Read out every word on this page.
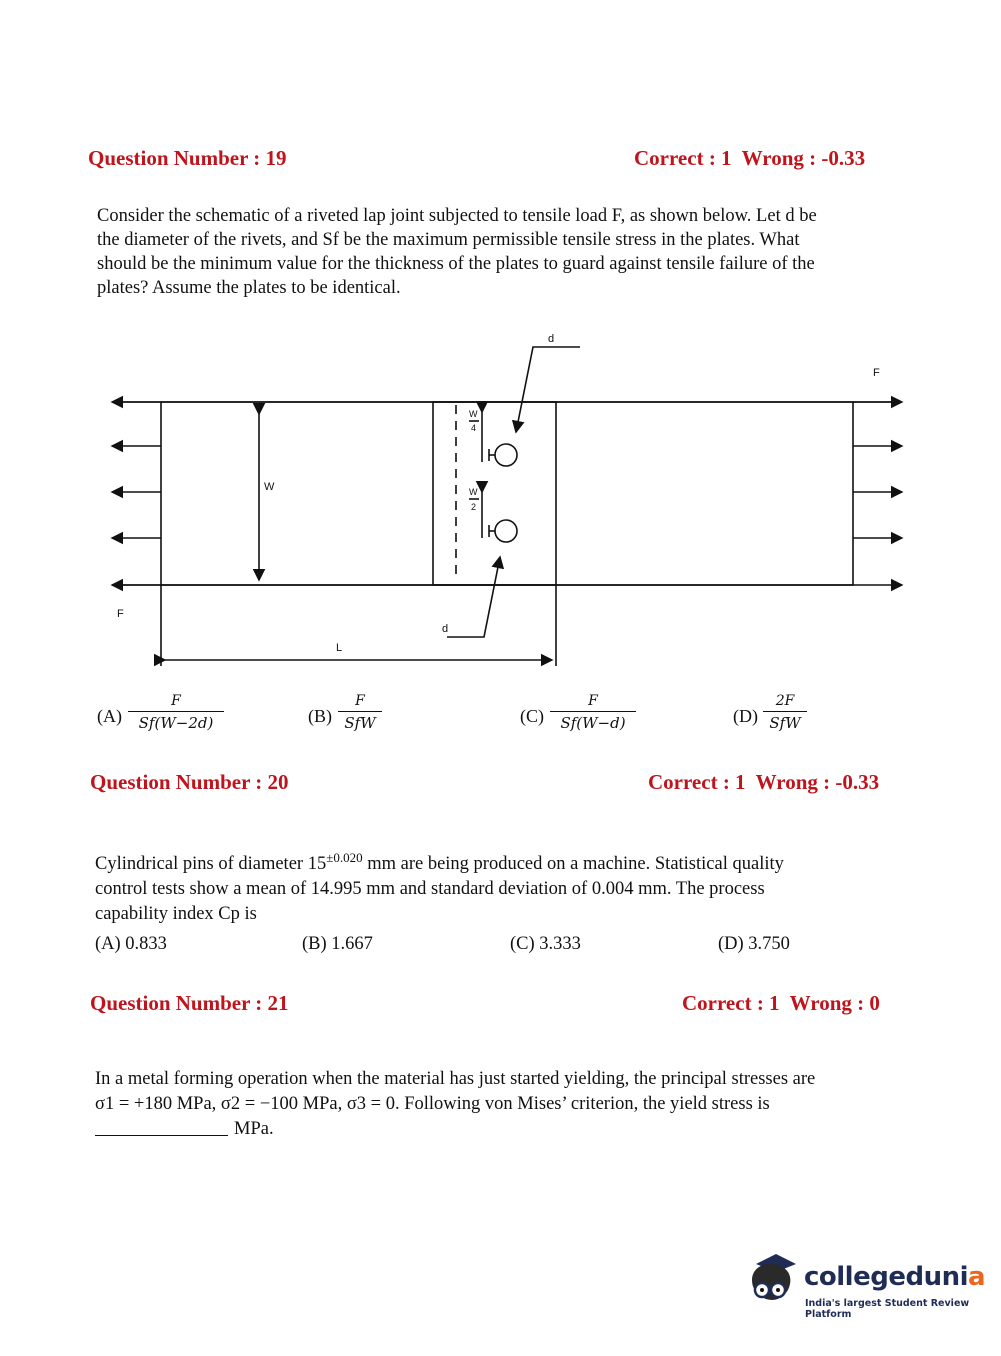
Question Number : 19	Correct : 1  Wrong : -0.33
Consider the schematic of a riveted lap joint subjected to tensile load F, as shown below. Let d be
the diameter of the rivets, and Sf be the maximum permissible tensile stress in the plates. What
should be the minimum value for the thickness of the plates to guard against tensile failure of the
plates? Assume the plates to be identical.
d
F
F
W
L
d
W
4
W
2
(A)
F
Sf(W−2d)	(B)
F
SfW	(C)
F
Sf(W−d)	(D)
2F
SfW
Question Number : 20	Correct : 1  Wrong : -0.33
Cylindrical pins of diameter $15^{\pm 0.020}$ mm are being produced on a machine. Statistical quality
control tests show a mean of 14.995 mm and standard deviation of 0.004 mm. The process
capability index Cp is
(A) 0.833	(B) 1.667	(C) 3.333	(D) 3.750
Question Number : 21	Correct : 1  Wrong : 0
In a metal forming operation when the material has just started yielding, the principal stresses are
σ1 = +180 MPa, σ2 = −100 MPa, σ3 = 0. Following von Mises’ criterion, the yield stress is
MPa.
collegedunia
India's largest Student Review Platform
